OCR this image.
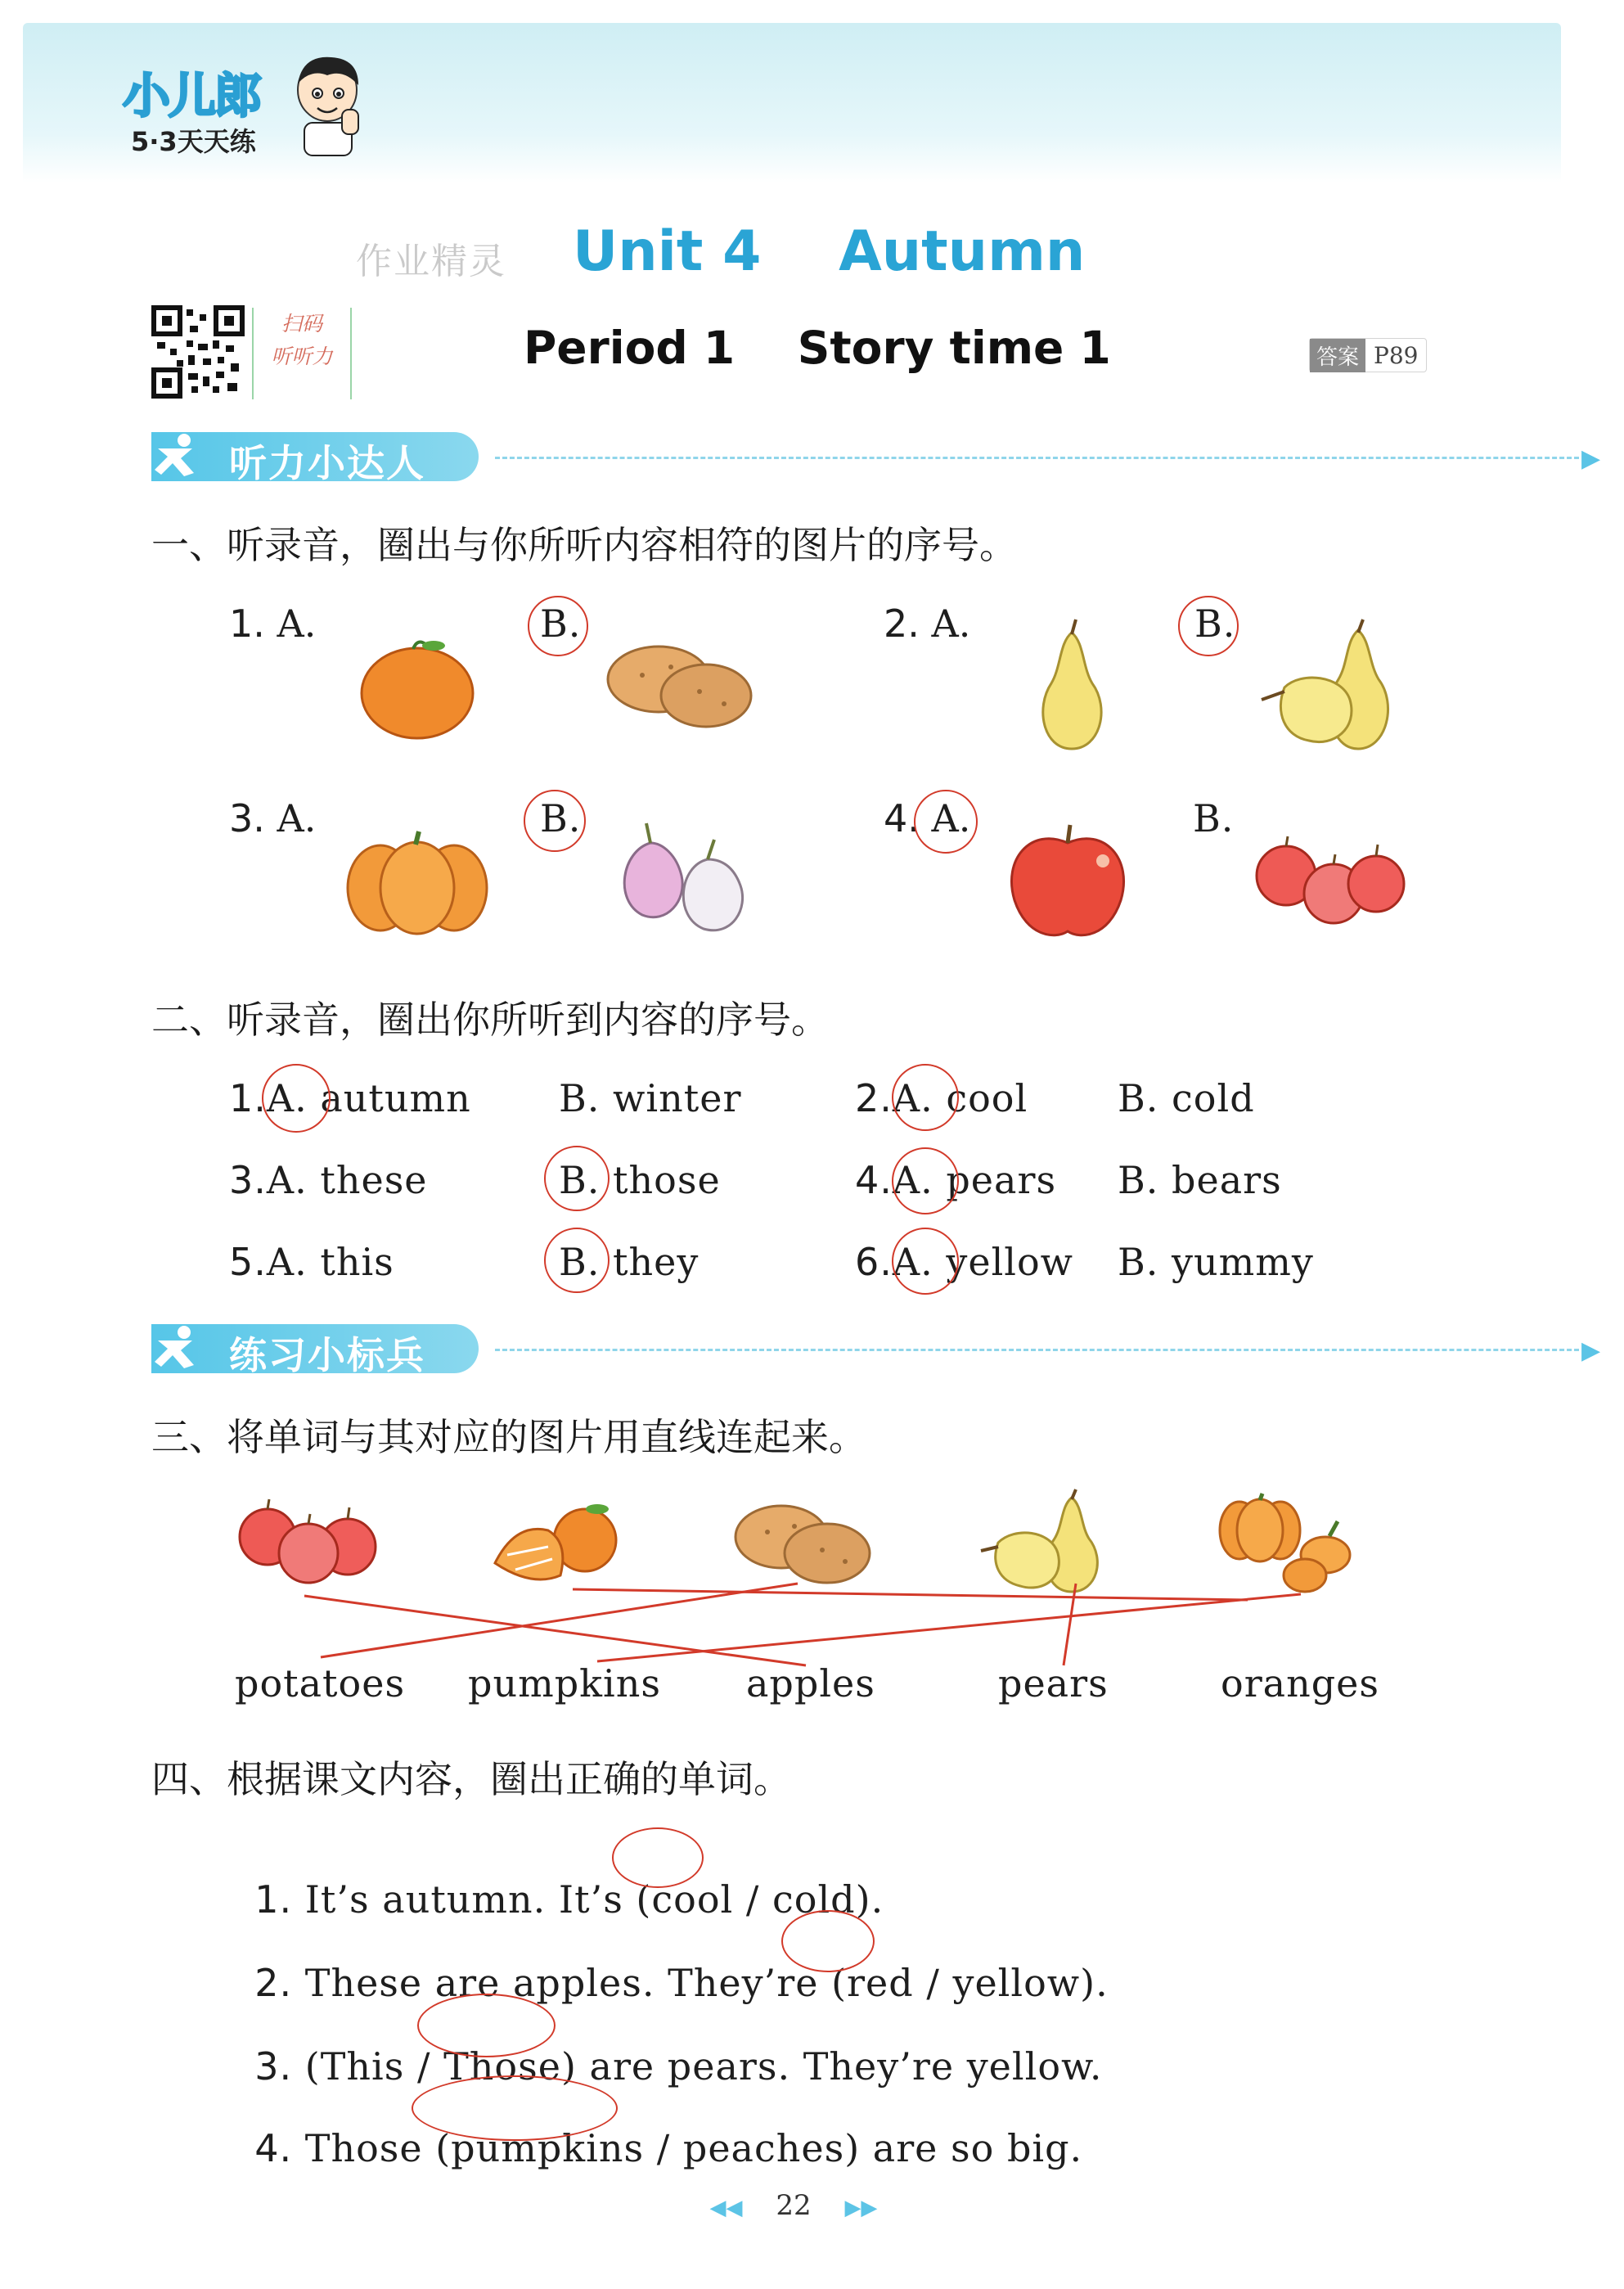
小儿郎
5·3天天练
作业精灵 Unit 4    Autumn
扫码
听听力	Period 1    Story time 1	答案 P89
听力小达人	▶
一、听录音，圈出与你所听内容相符的图片的序号。
1. A.	B.	2. A.	B.
3. A.	B.	4. A.	B.
二、听录音，圈出你所听到内容的序号。
1.A. autumn B. winter	2.A. cool B. cold
3.A. these	B. those	4.A. pears B. bears
5.A. this	B. they	6.A. yellow B. yummy
练习小标兵	▶
三、将单词与其对应的图片用直线连起来。
potatoes pumpkins apples	pears	oranges
四、根据课文内容，圈出正确的单词。

1. It’s autumn. It’s (cool / cold).

2. These are apples. They’re (red / yellow).

3. (This / Those) are pears. They’re yellow.

4. Those (pumpkins / peaches) are so big.

◀◀ 22 ▶▶
